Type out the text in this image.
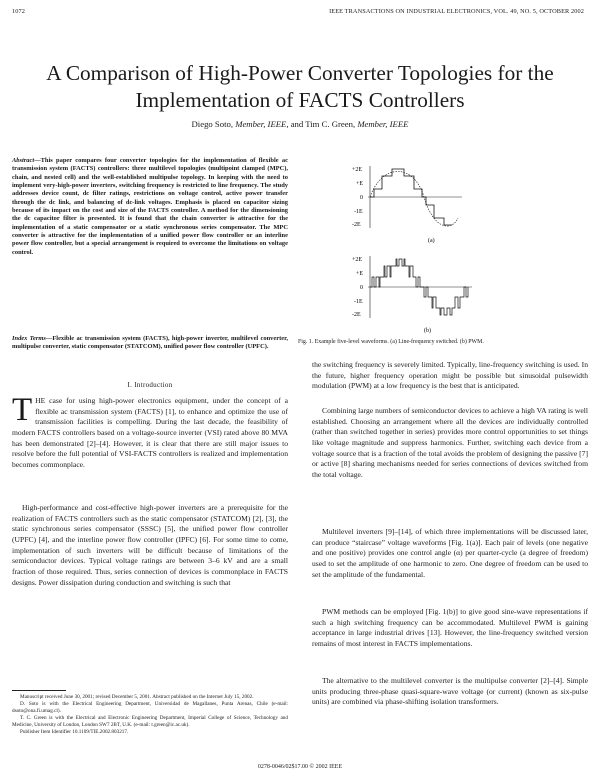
1072	IEEE TRANSACTIONS ON INDUSTRIAL ELECTRONICS, VOL. 49, NO. 5, OCTOBER 2002
A Comparison of High-Power Converter Topologies for the Implementation of FACTS Controllers
Diego Soto, Member, IEEE, and Tim C. Green, Member, IEEE
Abstract—This paper compares four converter topologies for the implementation of flexible ac transmission system (FACTS) controllers: three multilevel topologies (multipoint clamped (MPC), chain, and nested cell) and the well-established multipulse topology. In keeping with the need to implement very-high-power inverters, switching frequency is restricted to line frequency. The study addresses device count, dc filter ratings, restrictions on voltage control, active power transfer through the dc link, and balancing of dc-link voltages. Emphasis is placed on capacitor sizing because of its impact on the cost and size of the FACTS controller. A method for the dimensioning the dc capacitor filter is presented. It is found that the chain converter is attractive for the implementation of a static compensator or a static synchronous series compensator. The MPC converter is attractive for the implementation of a unified power flow controller or an interline power flow controller, but a special arrangement is required to overcome the limitations on voltage control.
Index Terms—Flexible ac transmission system (FACTS), high-power inverter, multilevel converter, multipulse converter, static compensator (STATCOM), unified power flow controller (UPFC).
I. Introduction
THE case for using high-power electronics equipment, under the concept of a flexible ac transmission system (FACTS) [1], to enhance and optimize the use of transmission facilities is compelling. During the last decade, the feasibility of modern FACTS controllers based on a voltage-source inverter (VSI) rated above 80 MVA has been demonstrated [2]–[4]. However, it is clear that there are still major issues to resolve before the full potential of VSI-FACTS controllers is realized and implementation becomes commonplace.
High-performance and cost-effective high-power inverters are a prerequisite for the realization of FACTS controllers such as the static compensator (STATCOM) [2], [3], the static synchronous series compensator (SSSC) [5], the unified power flow controller (UPFC) [4], and the interline power flow controller (IPFC) [6]. For some time to come, implementation of such inverters will be difficult because of limitations of the semiconductor devices. Typical voltage ratings are between 3–6 kV and are a small fraction of those required. Thus, series connection of devices is commonplace in FACTS designs. Power dissipation during conduction and switching is such that

Manuscript received June 30, 2001; revised December 5, 2001. Abstract published on the Internet July 15, 2002.

D. Soto is with the Electrical Engineering Department, Universidad de Magallanes, Punta Arenas, Chile (e-mail: dsoto@ona.fi.umag.cl).

T. C. Green is with the Electrical and Electronic Engineering Department, Imperial College of Science, Technology and Medicine, University of London, London SW7 2BT, U.K. (e-mail: t.green@ic.ac.uk).

Publisher Item Identifier 10.1109/TIE.2002.803217.

+2E
+E
0
-1E
-2E
(a)
+2E
+E
0
-1E
-2E
(b)
Fig. 1. Example five-level waveforms. (a) Line-frequency switched. (b) PWM.
the switching frequency is severely limited. Typically, line-frequency switching is used. In the future, higher frequency operation might be possible but sinusoidal pulsewidth modulation (PWM) at a low frequency is the best that is anticipated.
Combining large numbers of semiconductor devices to achieve a high VA rating is well established. Choosing an arrangement where all the devices are individually controlled (rather than switched together in series) provides more control opportunities to set things like voltage magnitude and suppress harmonics. Further, switching each device from a voltage source that is a fraction of the total avoids the problem of designing the passive [7] or active [8] sharing mechanisms needed for series connections of devices switched from the total voltage.
Multilevel inverters [9]–[14], of which three implementations will be discussed later, can produce “staircase” voltage waveforms [Fig. 1(a)]. Each pair of levels (one negative and one positive) provides one control angle (α) per quarter-cycle (a degree of freedom) used to set the amplitude of one harmonic to zero. One degree of freedom can be used to set the amplitude of the fundamental.
PWM methods can be employed [Fig. 1(b)] to give good sine-wave representations if such a high switching frequency can be accommodated. Multilevel PWM is gaining acceptance in large industrial drives [13]. However, the line-frequency switched version remains of most interest in FACTS implementations.
The alternative to the multilevel converter is the multipulse converter [2]–[4]. Simple units producing three-phase quasi-square-wave voltage (or current) (known as six-pulse units) are combined via phase-shifting isolation transformers.
0278-0046/02$17.00 © 2002 IEEE
